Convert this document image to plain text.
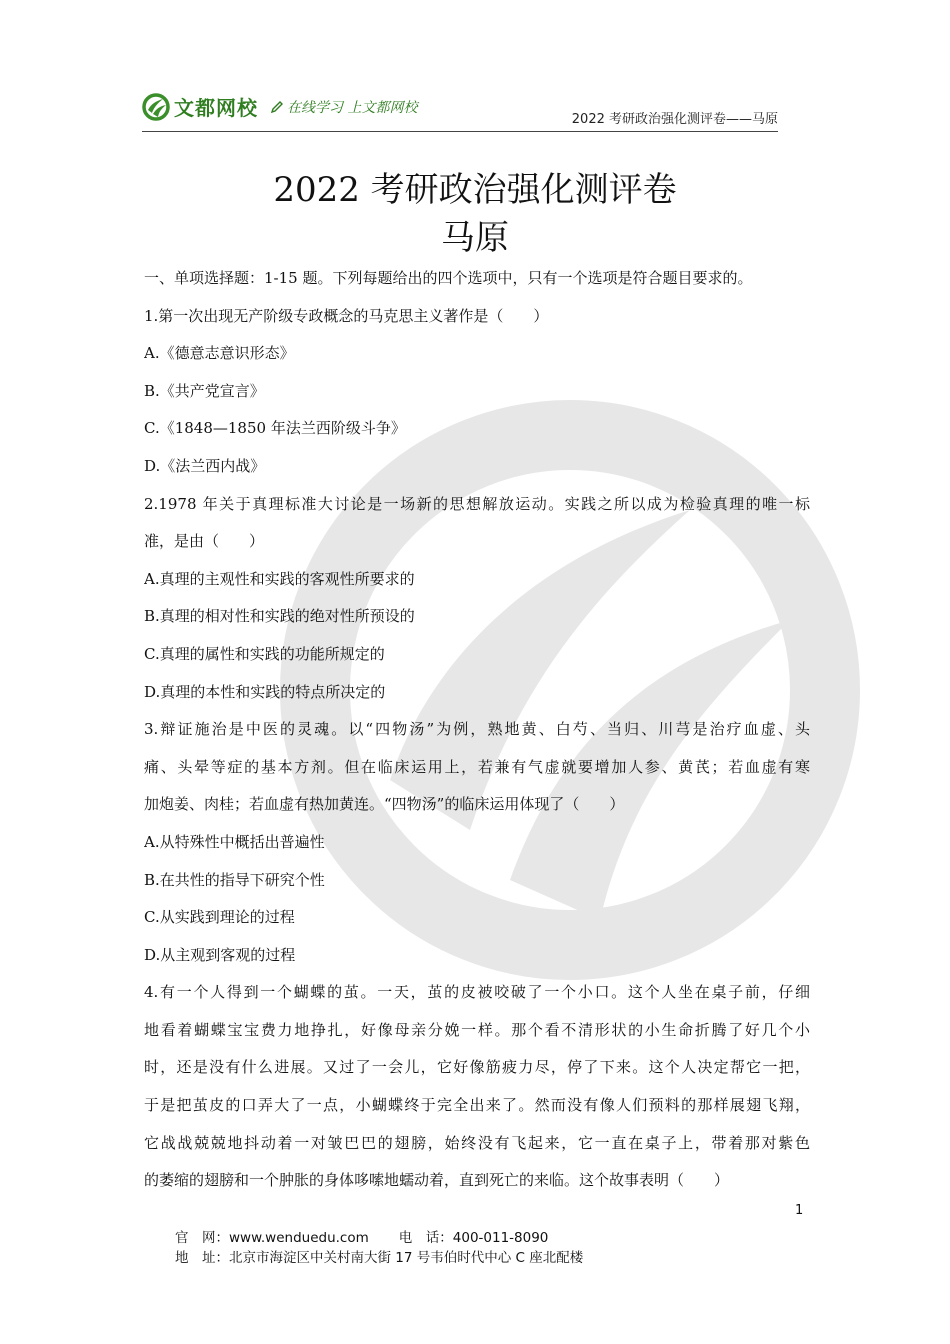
文都网校 在线学习 上文都网校
2022 考研政治强化测评卷——马原
2022 考研政治强化测评卷
马原
一、单项选择题：1-15 题。下列每题给出的四个选项中，只有一个选项是符合题目要求的。
1.第一次出现无产阶级专政概念的马克思主义著作是（　　）
A.《德意志意识形态》
B.《共产党宣言》
C.《1848—1850 年法兰西阶级斗争》
D.《法兰西内战》
2.1978 年关于真理标准大讨论是一场新的思想解放运动。实践之所以成为检验真理的唯一标
准，是由（　　）
A.真理的主观性和实践的客观性所要求的
B.真理的相对性和实践的绝对性所预设的
C.真理的属性和实践的功能所规定的
D.真理的本性和实践的特点所决定的
3.辩证施治是中医的灵魂。以“四物汤”为例，熟地黄、白芍、当归、川芎是治疗血虚、头
痛、头晕等症的基本方剂。但在临床运用上，若兼有气虚就要增加人参、黄芪；若血虚有寒
加炮姜、肉桂；若血虚有热加黄连。“四物汤”的临床运用体现了（　　）
A.从特殊性中概括出普遍性
B.在共性的指导下研究个性
C.从实践到理论的过程
D.从主观到客观的过程
4.有一个人得到一个蝴蝶的茧。一天，茧的皮被咬破了一个小口。这个人坐在桌子前，仔细
地看着蝴蝶宝宝费力地挣扎，好像母亲分娩一样。那个看不清形状的小生命折腾了好几个小
时，还是没有什么进展。又过了一会儿，它好像筋疲力尽，停了下来。这个人决定帮它一把，
于是把茧皮的口弄大了一点，小蝴蝶终于完全出来了。然而没有像人们预料的那样展翅飞翔，
它战战兢兢地抖动着一对皱巴巴的翅膀，始终没有飞起来，它一直在桌子上，带着那对紫色
的萎缩的翅膀和一个肿胀的身体哆嗦地蠕动着，直到死亡的来临。这个故事表明（　　）
1
官　网：www.wenduedu.com 电　话：400-011-8090
地　址：北京市海淀区中关村南大街 17 号韦伯时代中心 C 座北配楼
